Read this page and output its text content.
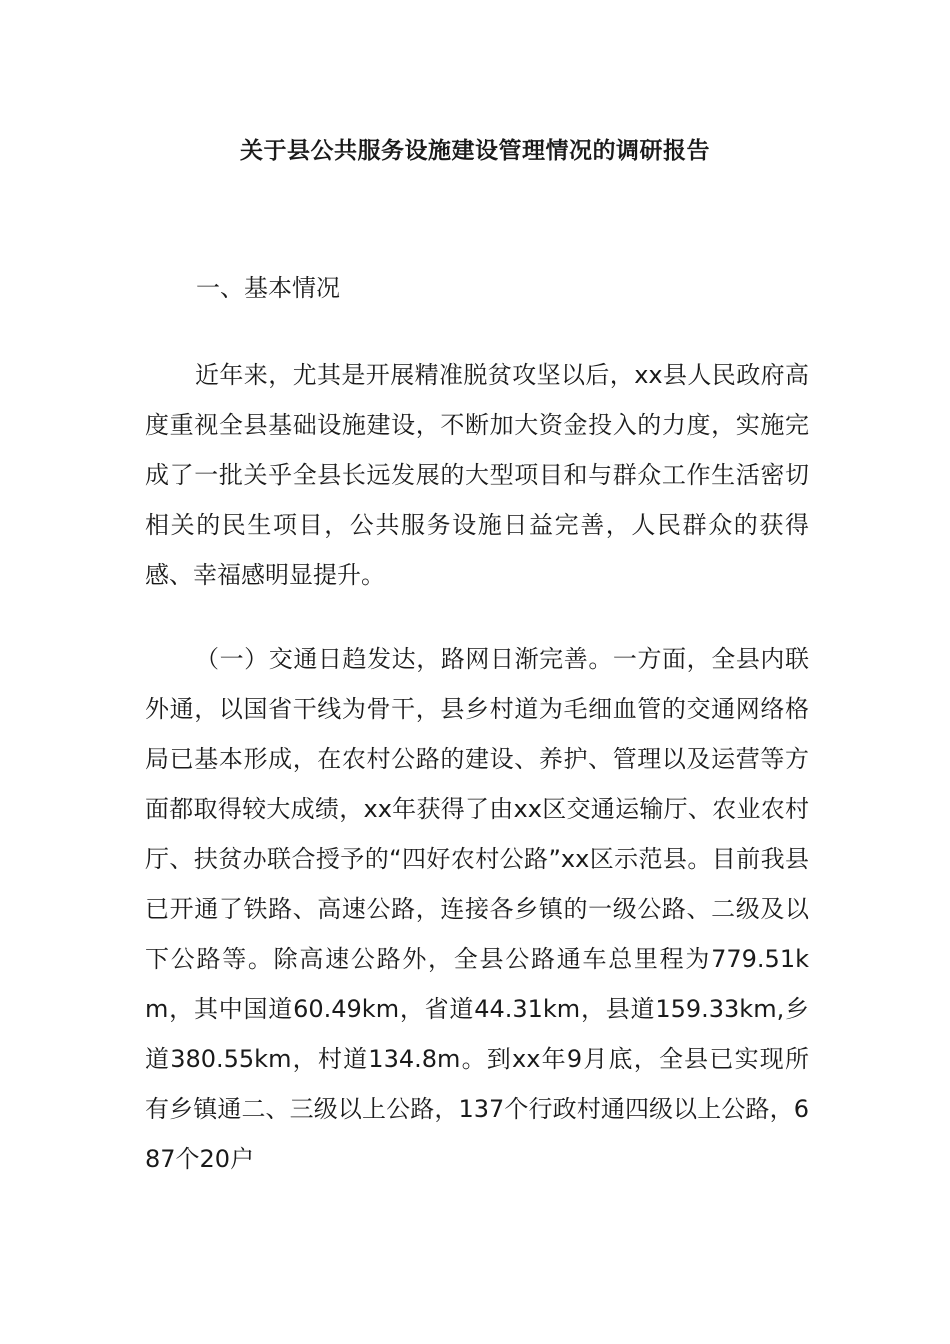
关于县公共服务设施建设管理情况的调研报告
一、基本情况

近年来，尤其是开展精准脱贫攻坚以后，xx县人民政府高度重视全县基础设施建设，不断加大资金投入的力度，实施完成了一批关乎全县长远发展的大型项目和与群众工作生活密切相关的民生项目，公共服务设施日益完善，人民群众的获得感、幸福感明显提升。

（一）交通日趋发达，路网日渐完善。一方面，全县内联外通，以国省干线为骨干，县乡村道为毛细血管的交通网络格局已基本形成，在农村公路的建设、养护、管理以及运营等方面都取得较大成绩，xx年获得了由xx区交通运输厅、农业农村厅、扶贫办联合授予的“四好农村公路”xx区示范县。目前我县已开通了铁路、高速公路，连接各乡镇的一级公路、二级及以下公路等。除高速公路外，全县公路通车总里程为779.51km，其中国道60.49km，省道44.31km，县道159.33km,乡道380.55km，村道134.8m。到xx年9月底，全县已实现所有乡镇通二、三级以上公路，137个行政村通四级以上公路，687个20户
